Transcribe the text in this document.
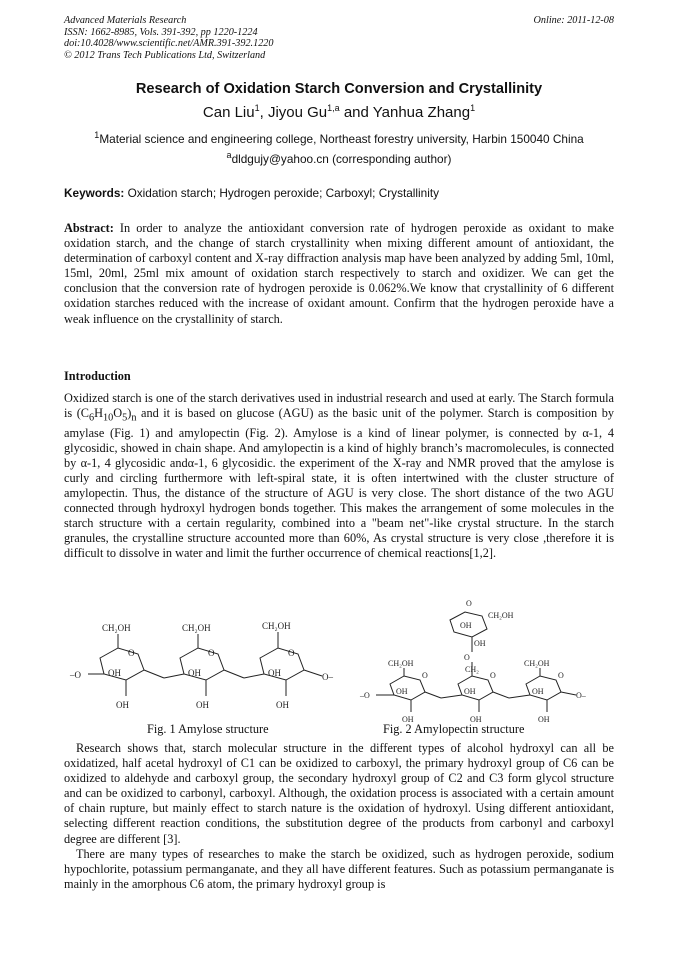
Advanced Materials Research
ISSN: 1662-8985, Vols. 391-392, pp 1220-1224
doi:10.4028/www.scientific.net/AMR.391-392.1220
© 2012 Trans Tech Publications Ltd, Switzerland
Online: 2011-12-08
Research of Oxidation Starch Conversion and Crystallinity
Can Liu$^1$, Jiyou Gu$^{1,a}$ and Yanhua Zhang$^1$
$^1$Material science and engineering college, Northeast forestry university, Harbin 150040 China
$^a$dldgujy@yahoo.cn (corresponding author)
Keywords: Oxidation starch; Hydrogen peroxide; Carboxyl; Crystallinity
Abstract: In order to analyze the antioxidant conversion rate of hydrogen peroxide as oxidant to make oxidation starch, and the change of starch crystallinity when mixing different amount of antioxidant, the determination of carboxyl content and X-ray diffraction analysis map have been analyzed by adding 5ml, 10ml, 15ml, 20ml, 25ml mix amount of oxidation starch respectively to starch and oxidizer. We can get the conclusion that the conversion rate of hydrogen peroxide is 0.062%.We know that crystallinity of 6 different oxidation starches reduced with the increase of oxidant amount. Confirm that the hydrogen peroxide have a weak influence on the crystallinity of starch.
Introduction
Oxidized starch is one of the starch derivatives used in industrial research and used at early. The Starch formula is $(C_6H_{10}O_5)_n$ and it is based on glucose (AGU) as the basic unit of the polymer. Starch is composition by amylase (Fig. 1) and amylopectin (Fig. 2). Amylose is a kind of linear polymer, is connected by α-1, 4 glycosidic, showed in chain shape. And amylopectin is a kind of highly branch’s macromolecules, is connected by α-1, 4 glycosidic andα-1, 6 glycosidic. the experiment of the X-ray and NMR proved that the amylose is curly and circling furthermore with left-spiral state, it is often intertwined with the cluster structure of amylopectin. Thus, the distance of the structure of AGU is very close. The short distance of the two AGU connected through hydroxyl hydrogen bonds together. This makes the arrangement of some molecules in the starch structure with a certain regularity, combined into a "beam net"-like crystal structure. In the starch granules, the crystalline structure accounted more than 60%, As crystal structure is very close ,therefore it is difficult to dissolve in water and limit the further occurrence of chemical reactions[1,2].
CH₂OH	CH₂OH	CH₂OH
O	O	O
–O	O–
OH	OH	OH
OH	OH	OH
O
CH₂OH
OH
OH
O
CH₂
CH₂OH	CH₂OH
O	O	O
–O	O–
OH	OH	OH
OH	OH	OH
Fig. 1 Amylose structure	Fig. 2 Amylopectin structure

Research shows that, starch molecular structure in the different types of alcohol hydroxyl can all be oxidatized, half acetal hydroxyl of C1 can be oxidized to carboxyl, the primary hydroxyl group of C6 can be oxidized to aldehyde and carboxyl group, the secondary hydroxyl group of C2 and C3 form glycol structure and can be oxidized to carbonyl, carboxyl. Although, the oxidation process is associated with a certain amount of chain rupture, but mainly effect to starch nature is the oxidation of hydroxyl. Using different antioxidant, selecting different reaction conditions, the substitution degree of the products from carbonyl and carboxyl degree are different [3].

There are many types of researches to make the starch be oxidized, such as hydrogen peroxide, sodium hypochlorite, potassium permanganate, and they all have different features. Such as potassium permanganate is mainly in the amorphous C6 atom, the primary hydroxyl group is
